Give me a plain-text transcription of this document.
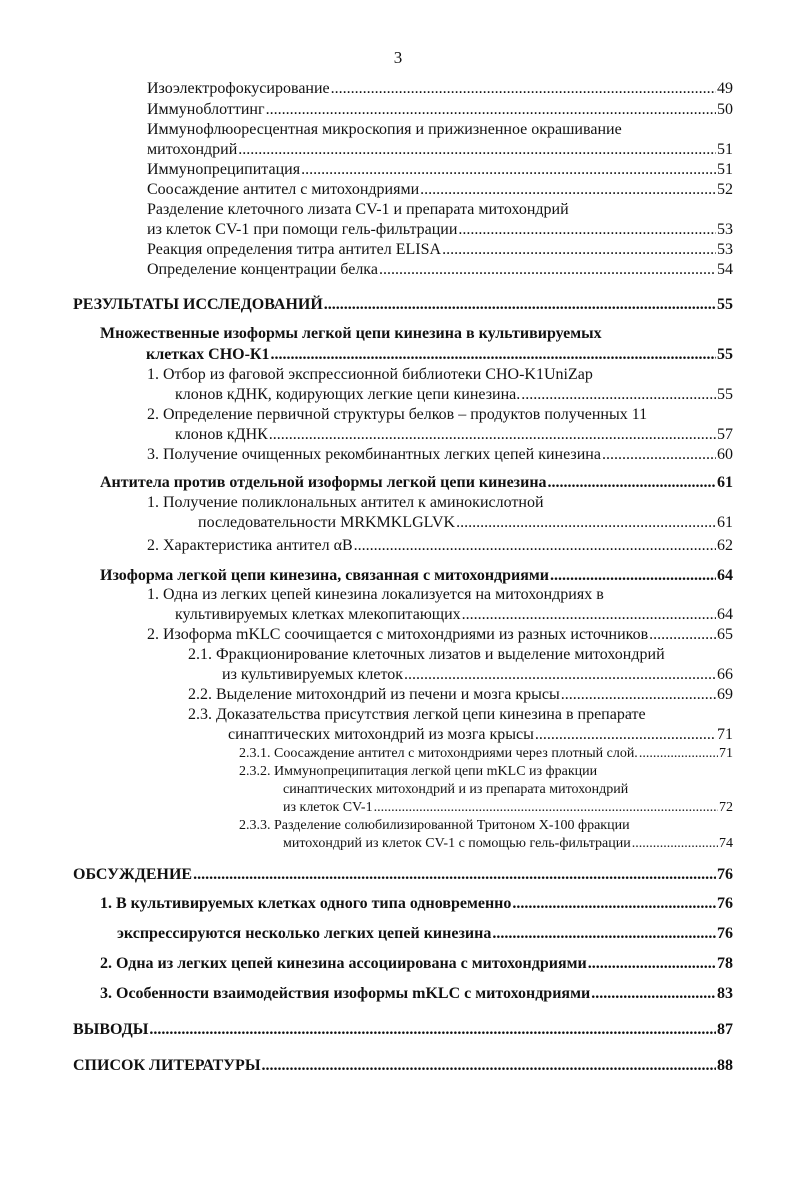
3
Изоэлектрофокусирование .....	49
Иммуноблоттинг .....	50
Иммунофлюоресцентная микроскопия и прижизненное окрашивание
митохондрий .....	51
Иммунопреципитация .....	51
Соосаждение антител с митохондриями .....	52
Разделение клеточного лизата CV-1 и препарата митохондрий
из клеток CV-1 при помощи гель-фильтрации .....	53
Реакция определения титра антител ELISA .....	53
Определение концентрации белка .....	54
РЕЗУЛЬТАТЫ ИССЛЕДОВАНИЙ .....	55
Множественные изоформы легкой цепи кинезина в культивируемых
клетках СНО-К1 .....	55
1. Отбор из фаговой экспрессионной библиотеки СНО-K1UniZap
клонов кДНК, кодирующих легкие цепи кинезина. .....	55
2. Определение первичной структуры белков – продуктов полученных 11
клонов кДНК .....	57
3. Получение очищенных рекомбинантных легких цепей кинезина .....	60
Антитела против отдельной изоформы легкой цепи кинезина .....	61
1. Получение поликлональных антител к аминокислотной
последовательности MRKMKLGLVK .....	61
2. Характеристика антител αB .....	62
Изоформа легкой цепи кинезина, связанная с митохондриями .....	64
1. Одна из легких цепей кинезина локализуется на митохондриях в
культивируемых клетках млекопитающих .....	64
2. Изоформа mKLC соочищается с митохондриями из разных источников .....	65
2.1. Фракционирование клеточных лизатов и выделение митохондрий
из культивируемых клеток .....	66
2.2. Выделение митохондрий из печени и мозга крысы .....	69
2.3. Доказательства присутствия легкой цепи кинезина в препарате
синаптических митохондрий из мозга крысы .....	71
2.3.1. Соосаждение антител с митохондриями через плотный слой. .....	71
2.3.2. Иммунопреципитация легкой цепи mKLC из фракции
синаптических митохондрий и из препарата митохондрий
из клеток CV-1 .....	72
2.3.3. Разделение солюбилизированной Тритоном Х-100 фракции
митохондрий из клеток CV-1 с помощью гель-фильтрации .....	74
ОБСУЖДЕНИЕ .....	76
1. В культивируемых клетках одного типа одновременно .....	76
экспрессируются несколько легких цепей кинезина .....	76
2. Одна из легких цепей кинезина ассоциирована с митохондриями .....	78
3. Особенности взаимодействия изоформы mKLC с митохондриями .....	83
ВЫВОДЫ .....	87
СПИСОК ЛИТЕРАТУРЫ .....	88
